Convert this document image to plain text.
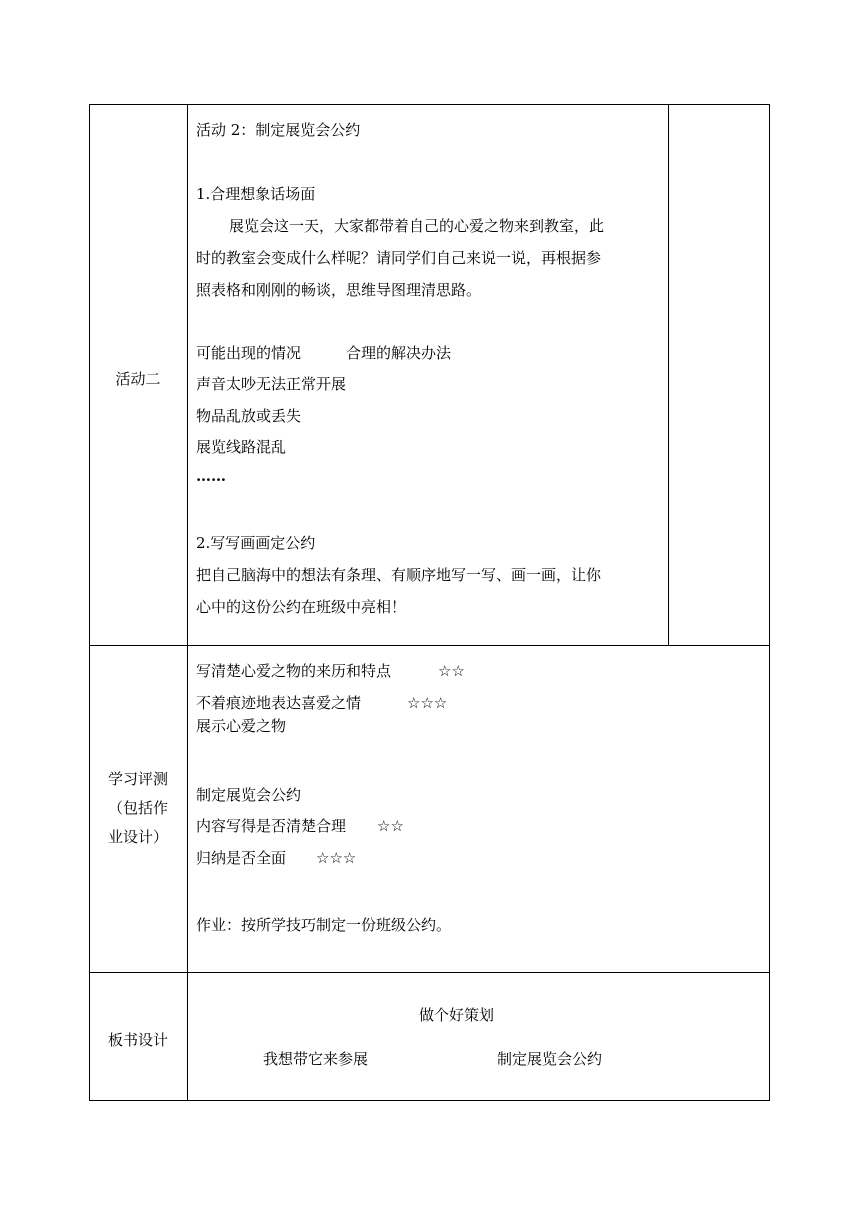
活动二
活动 2：制定展览会公约
1.合理想象话场面
展览会这一天，大家都带着自己的心爱之物来到教室，此
时的教室会变成什么样呢？请同学们自己来说一说，再根据参
照表格和刚刚的畅谈，思维导图理清思路。
可能出现的情况	合理的解决办法
声音太吵无法正常开展
物品乱放或丢失
展览线路混乱
……
2.写写画画定公约
把自己脑海中的想法有条理、有顺序地写一写、画一画，让你
心中的这份公约在班级中亮相！
学习评测
（包括作
业设计）
写清楚心爱之物的来历和特点	☆☆
不着痕迹地表达喜爱之情	☆☆☆
展示心爱之物
制定展览会公约
内容写得是否清楚合理 ☆☆
归纳是否全面 ☆☆☆
作业：按所学技巧制定一份班级公约。
板书设计
做个好策划
我想带它来参展	制定展览会公约
